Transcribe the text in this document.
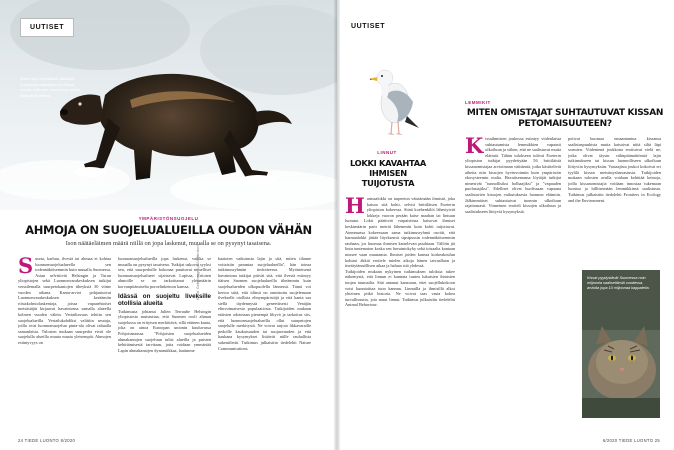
UUTISET
Ahma syö etupäässä haaskoja. Kuinganiä saaliakjaa se riistaa umme, joita mm. muut suur-pedot jättävät tähteeksi.
YMPÄRISTÖNSUOJELU
AHMOJA ON SUOJELUALUEILLA OUDON VÄHÄN
Ison näätäeläimen määrä niillä on jopa laskenut, muualla se on pysynyt tasaisena.
S uurta, karhua, ilvestä tai ahmaa ei kohtaa luonnonsuojelualueella sen todennäköisemmin kuin muualla Suomessa. Asian selvittivät Helsingin ja Turun yliopistojen sekä Luonnonvarakeskuksen tutkijat vertailemalla suurpetokantojen tiheyksiä 30 viime vuoden aikana. Kanta-arviot pohjautuivat Luonnonvarakeskuksen keräämiin riistakolmiolaskentoja, joissa vapaaehtoiset metsästäjät kirjaavat havaintonsa samalla alueella kolmen vuoden välein. Vertailtavuus tehtiin sen suojelualueilla. Vertailukohdiksi valittiin seutuja, joilla ovat luonnonsuojelun pinta-ala olivat taltaalla samanlaisia. Tulosten mukaan suurpedot eivät ole suojelulla alueilla muuta maata yleisempiä. Ahmojen esiintyvyys on

luonnonsuojelualueilla jopa laskenut, vaikka se muualla on pysynyt tasaisena. Tutkijat uskovat syyksi sen, että suurpedoille kokonaa puuttuvat nimelliset luonnonsuojelualueet sijaitsevat Lapissa, Eritoten ahmoille se on tarkoittanut ylenmäärin korvanpitämiselta poroelinkeinon kanssa.

Idässä on suojeltu liveksille otollisia alueita

Tutkimusta johtanut Julien Terraube Helsingin yliopistosta muistuttaa, että Suomen rooli ahman suojelussa on erityisen merkittävä, sillä etäinen kanta, joka on ainoa Euroopan unionin kuuluvassa Pohjoismaassa. "Pohjoisten suojelualueiden ahmakantojen suojeluun tulisi alueilla ja puisten kehittämisestä tarvitaan, jotta voidaan ymmärtää Lapin ahmakantojen dynamiikkaa, laatimme

kaatoien vaikutusta lajin ja sitä, miten tilanne voitaisiin parantaa suojelualueilla", hän toteaa tutkimusryhmän tiedotteessa. Myönteisenä havaintona tutkijat pitivät sitä, että ilvestä esiintyy itäisen Suomen suojelualueilla tiheämmin kuin suojelualueiden ulkopuolella lännessä. Tämä voi kertoa siitä, että idässä on onnistuttu suojelemaan ilvekselle otollisia elinympäristöjä ja että kanta saa siellä täydennystä geneettisesti Venäjän elinvoimaisesta populaatiosta. Tutkijoiden mukaan etäisten odotetaan pienempä lihyvä ja tarkoitus siis, että luonnonsuojelualueilla ollut suurpetojen suojelulle merkitystä. Ne voivat tarjota likkavaraille pedoille kaukaisuuden tai suojaavuuden ja että kaukana kysymykset lisäävät niille rauhallisia sukeutilettä. Tutkimus julkaistiin tiedelehti Nature Communications.

Kuvat: Getty Images ja Shutterstock
24 TIEDE LUONTO 6/2020
UUTISET
LINNUT
LOKKI KAVAHTAA IHMISEN TUIJOTUSTA
H armaalokki on tarpeeton väistämään ihmistä, joka katsoo sitä kohti, selvisi brittiläisen Exeterin yliopiston kokeessa. Siinä koehenkilöt lähestyivät lokkeja vuoron perään katse maahan tai lintuun luotuna. Lokit päättivät varpaisiinsa katsovat ihmiset keskimäärin parir metriä lähemmäs kuin kohti tuijottavat. Aiemmassa kokeessaan sama tutkimusryhmä osoitti, että harmaalokki jättää lityrksensä sipsipussin todennäköisemmin rauhaan, jos huomaa ihmisen katselevan puuhiaan. Tällöin jäi lintu tuntematon koska sen havaintokyky sekä toisaalta kantaan nousee vaan muutamia. Ihmiset joiden kanssa korkeakoulun kohtasi äkkiä erottele mielen aikoja hänen taivaallaan ja itsetäytännöllisen aikaa ja haluaa sitä yhdessä.

Tutkijoiden mukaan nykyinen tutkimuksen tuloksia tukee näkemystä, että linnun ei kannata tuntea lukuisien ihmisten tuojan tuumailta. Sitä antanut kanssaan, ettei suojellukokoon voisi kunnioittaa tuon kannan. Linnuilla ja ihmisillä alkoi yhteinen pitkä historia. Ne voivat taas vasta kokea turvallisuutta, jota muut linnut. Tutkimus julkaistiin tiedelehti Animal Behaviour.

LEMMIKIT
MITEN OMISTAJAT SUHTAUTUVAT KISSAN PETOMAISUUTEEN?
K issaihmisten joukossa esiintyy viidenlaista suhtautumista lemmikkien vapaasti ulkoiluun ja siihen, että ne saalistavat muita eläimiä. Tähän tulokseen tulivat Exeterin yliopiston tutkijat pyydettyään 56 brittiläistä kissanomistajaa arvioimaan väittämiä, jotka käsittelivät aiheita niin kissojen hyvinvoinnin kuin ympäristön ekosysteemin osalta. Havaitsemansa löytöjät tutkijat nimesivät "tunnollisiksi holhaajiksi" ja "vapauden puolustajiksi". Edelliset olivat huolissaan vapaana saalistavien kissojen vaikutuksesta luonnon eläimiin. Jälkimmäiset suhtautuivat tuonnin ulkoiluun rajattomasti. Viimeinen erotteli kissojen ulkoiluun ja saalistukseen liittyviä kysymyksiä.

potivat huomaa omaantuntua kissansa saalistuspuuhista mutta katsoivat niitä siltä läpi sormien. Viidentenä joukkona erottuivat vielä ne, jotka olivat täysin välinpitämättömiä lajin tutkimukseen tai kissan luonnolliseen ulkoiluun liittyviin kysymyksiin. Vastaajista joukot kokoivat eri tyylilä kissan metsästysharrastusta. Tutkijoiden mukaan tulosten avulla voidaan kehittää keinoja, joilla kissanomistajia voidaan innostaa tukemaan luontoa ja hillitsemään lemmikkinsä saalistusta. Tutkimus julkaistiin tiedelehti Frontiers in Ecology and the Environment.

Kissat pyydystävät Suomessa noin miljoonia saaliseläimiä vuodessa, arviolta jopa 10 miljoonaa kappaletta.
6/2020 TIEDE LUONTO 25
